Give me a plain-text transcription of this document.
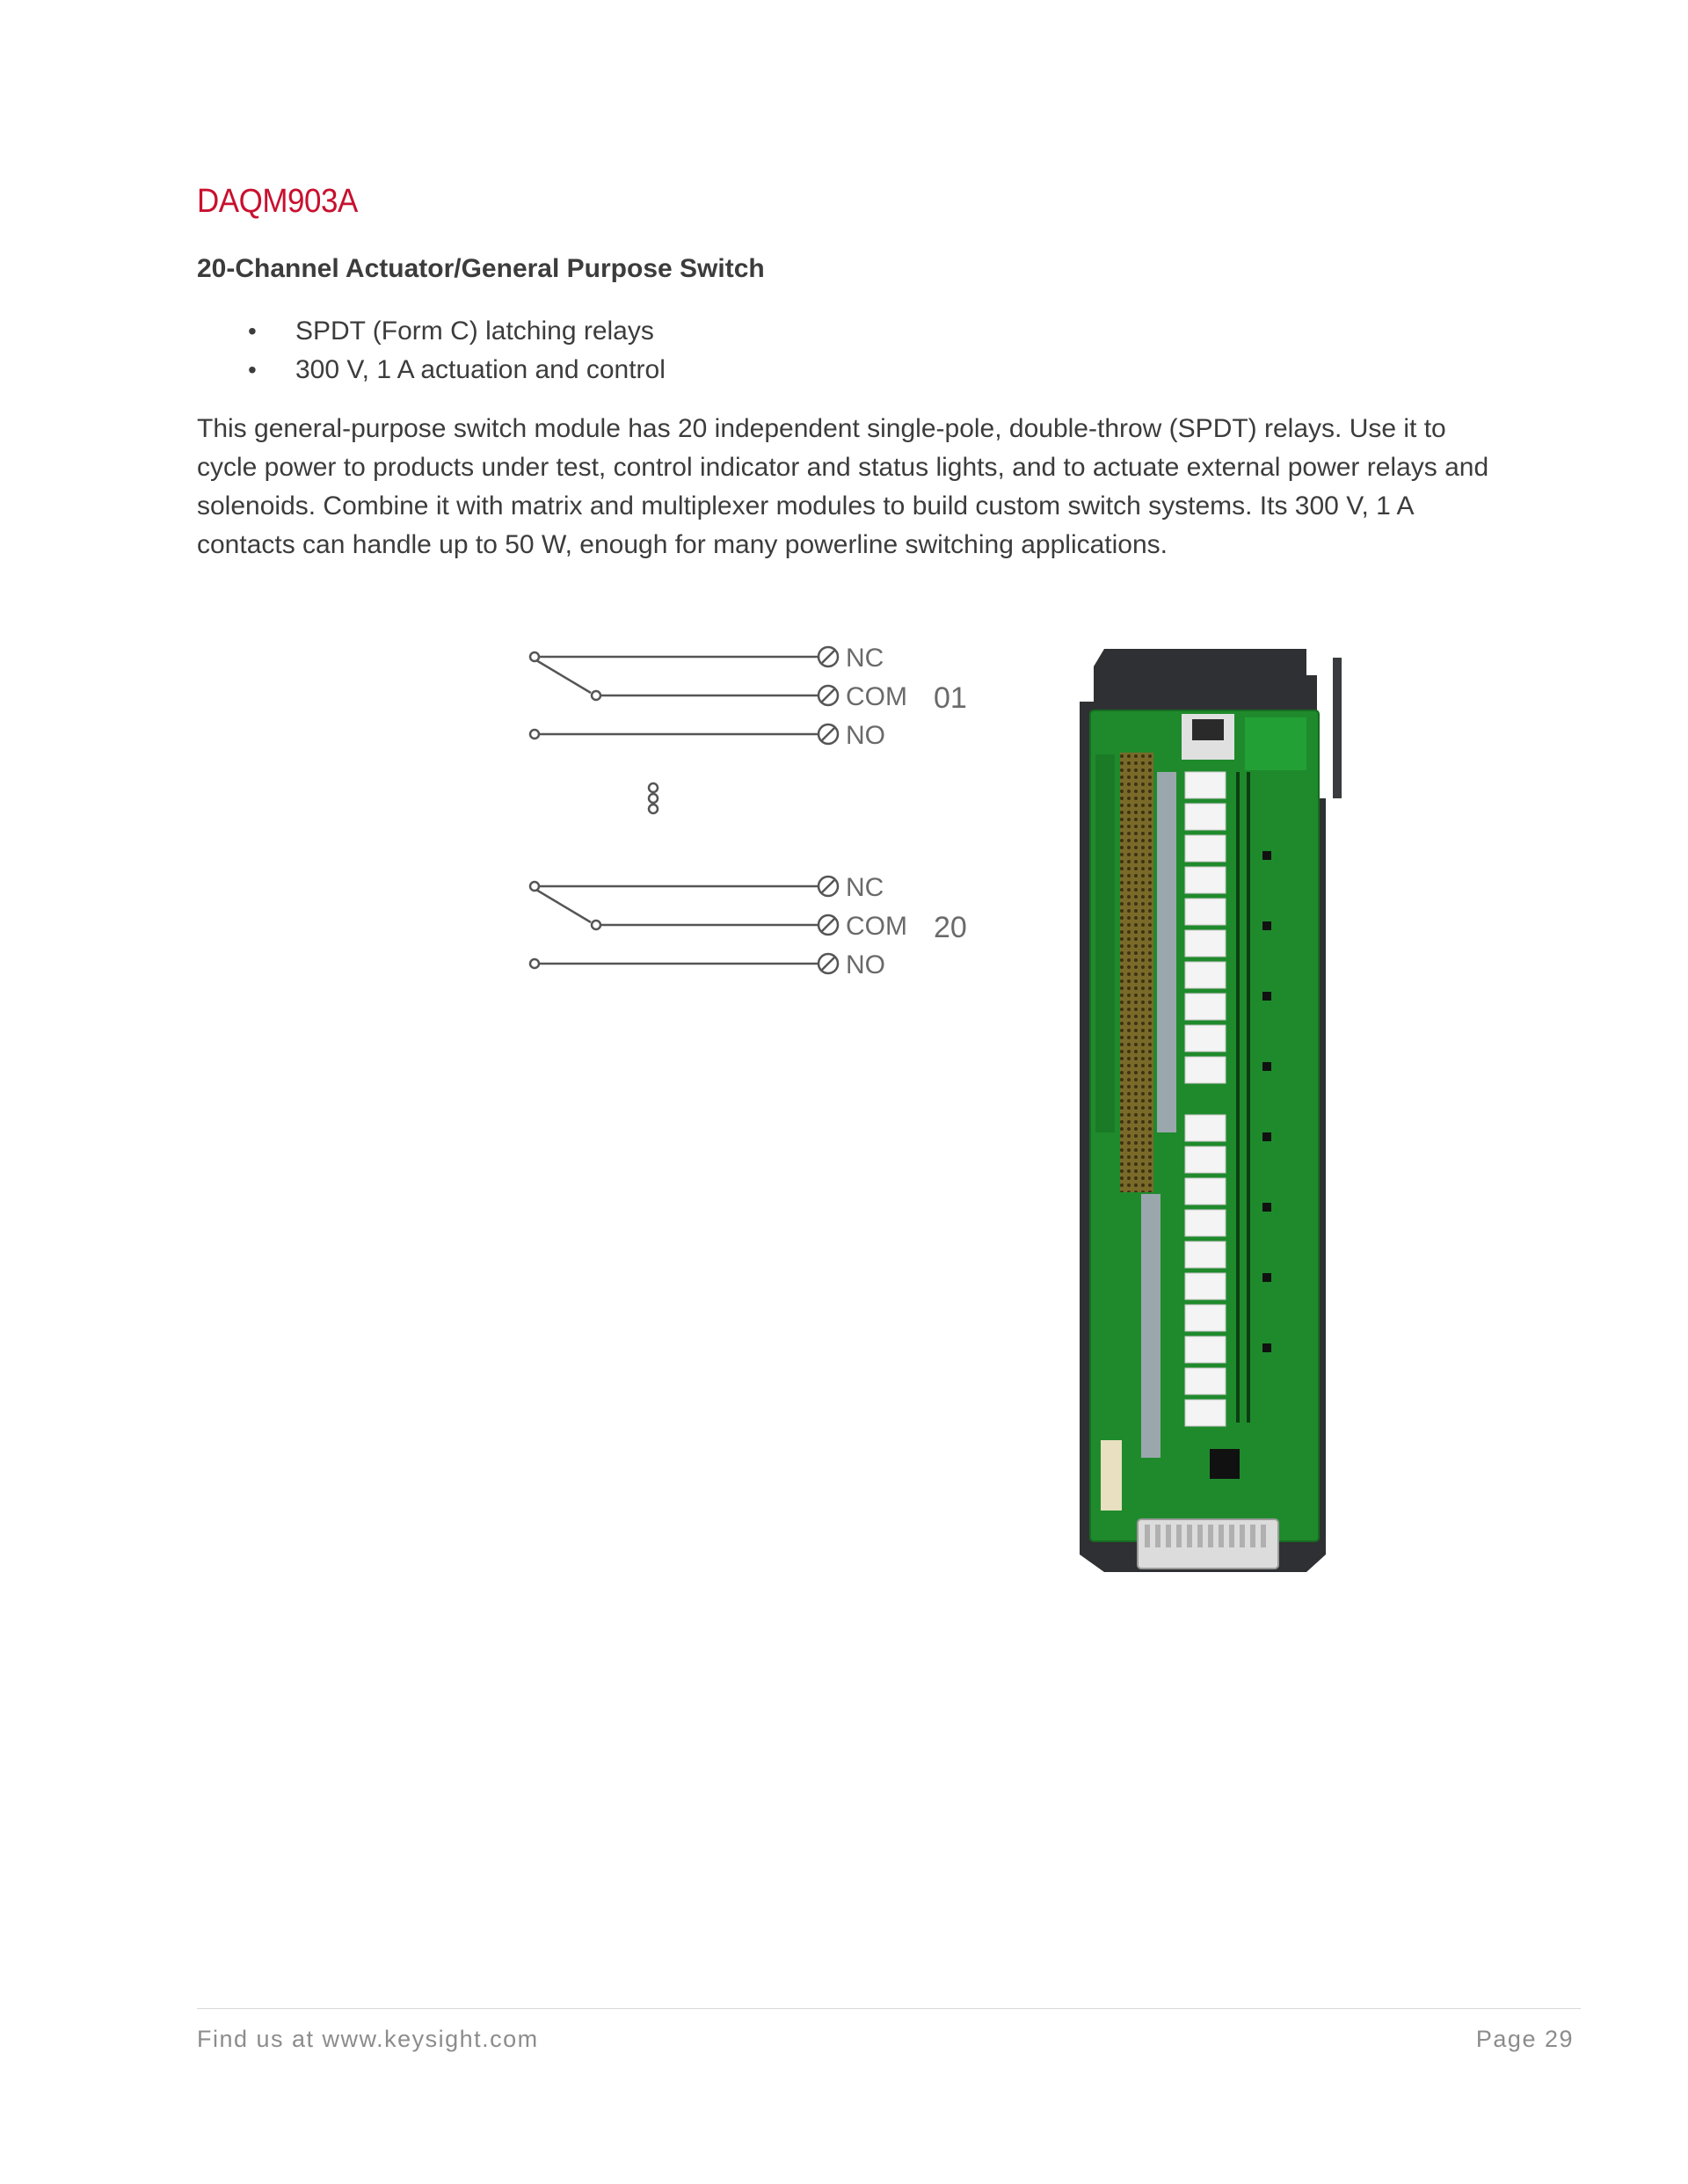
DAQM903A
20-Channel Actuator/General Purpose Switch
• SPDT (Form C) latching relays
• 300 V, 1 A actuation and control

This general-purpose switch module has 20 independent single-pole, double-throw (SPDT) relays. Use it to cycle power to products under test, control indicator and status lights, and to actuate external power relays and solenoids. Combine it with matrix and multiplexer modules to build custom switch systems. Its 300 V, 1 A contacts can handle up to 50 W, enough for many powerline switching applications.

NC
COM
NO
01
NC
COM
NO
20
Find us at www.keysight.com	Page 29
